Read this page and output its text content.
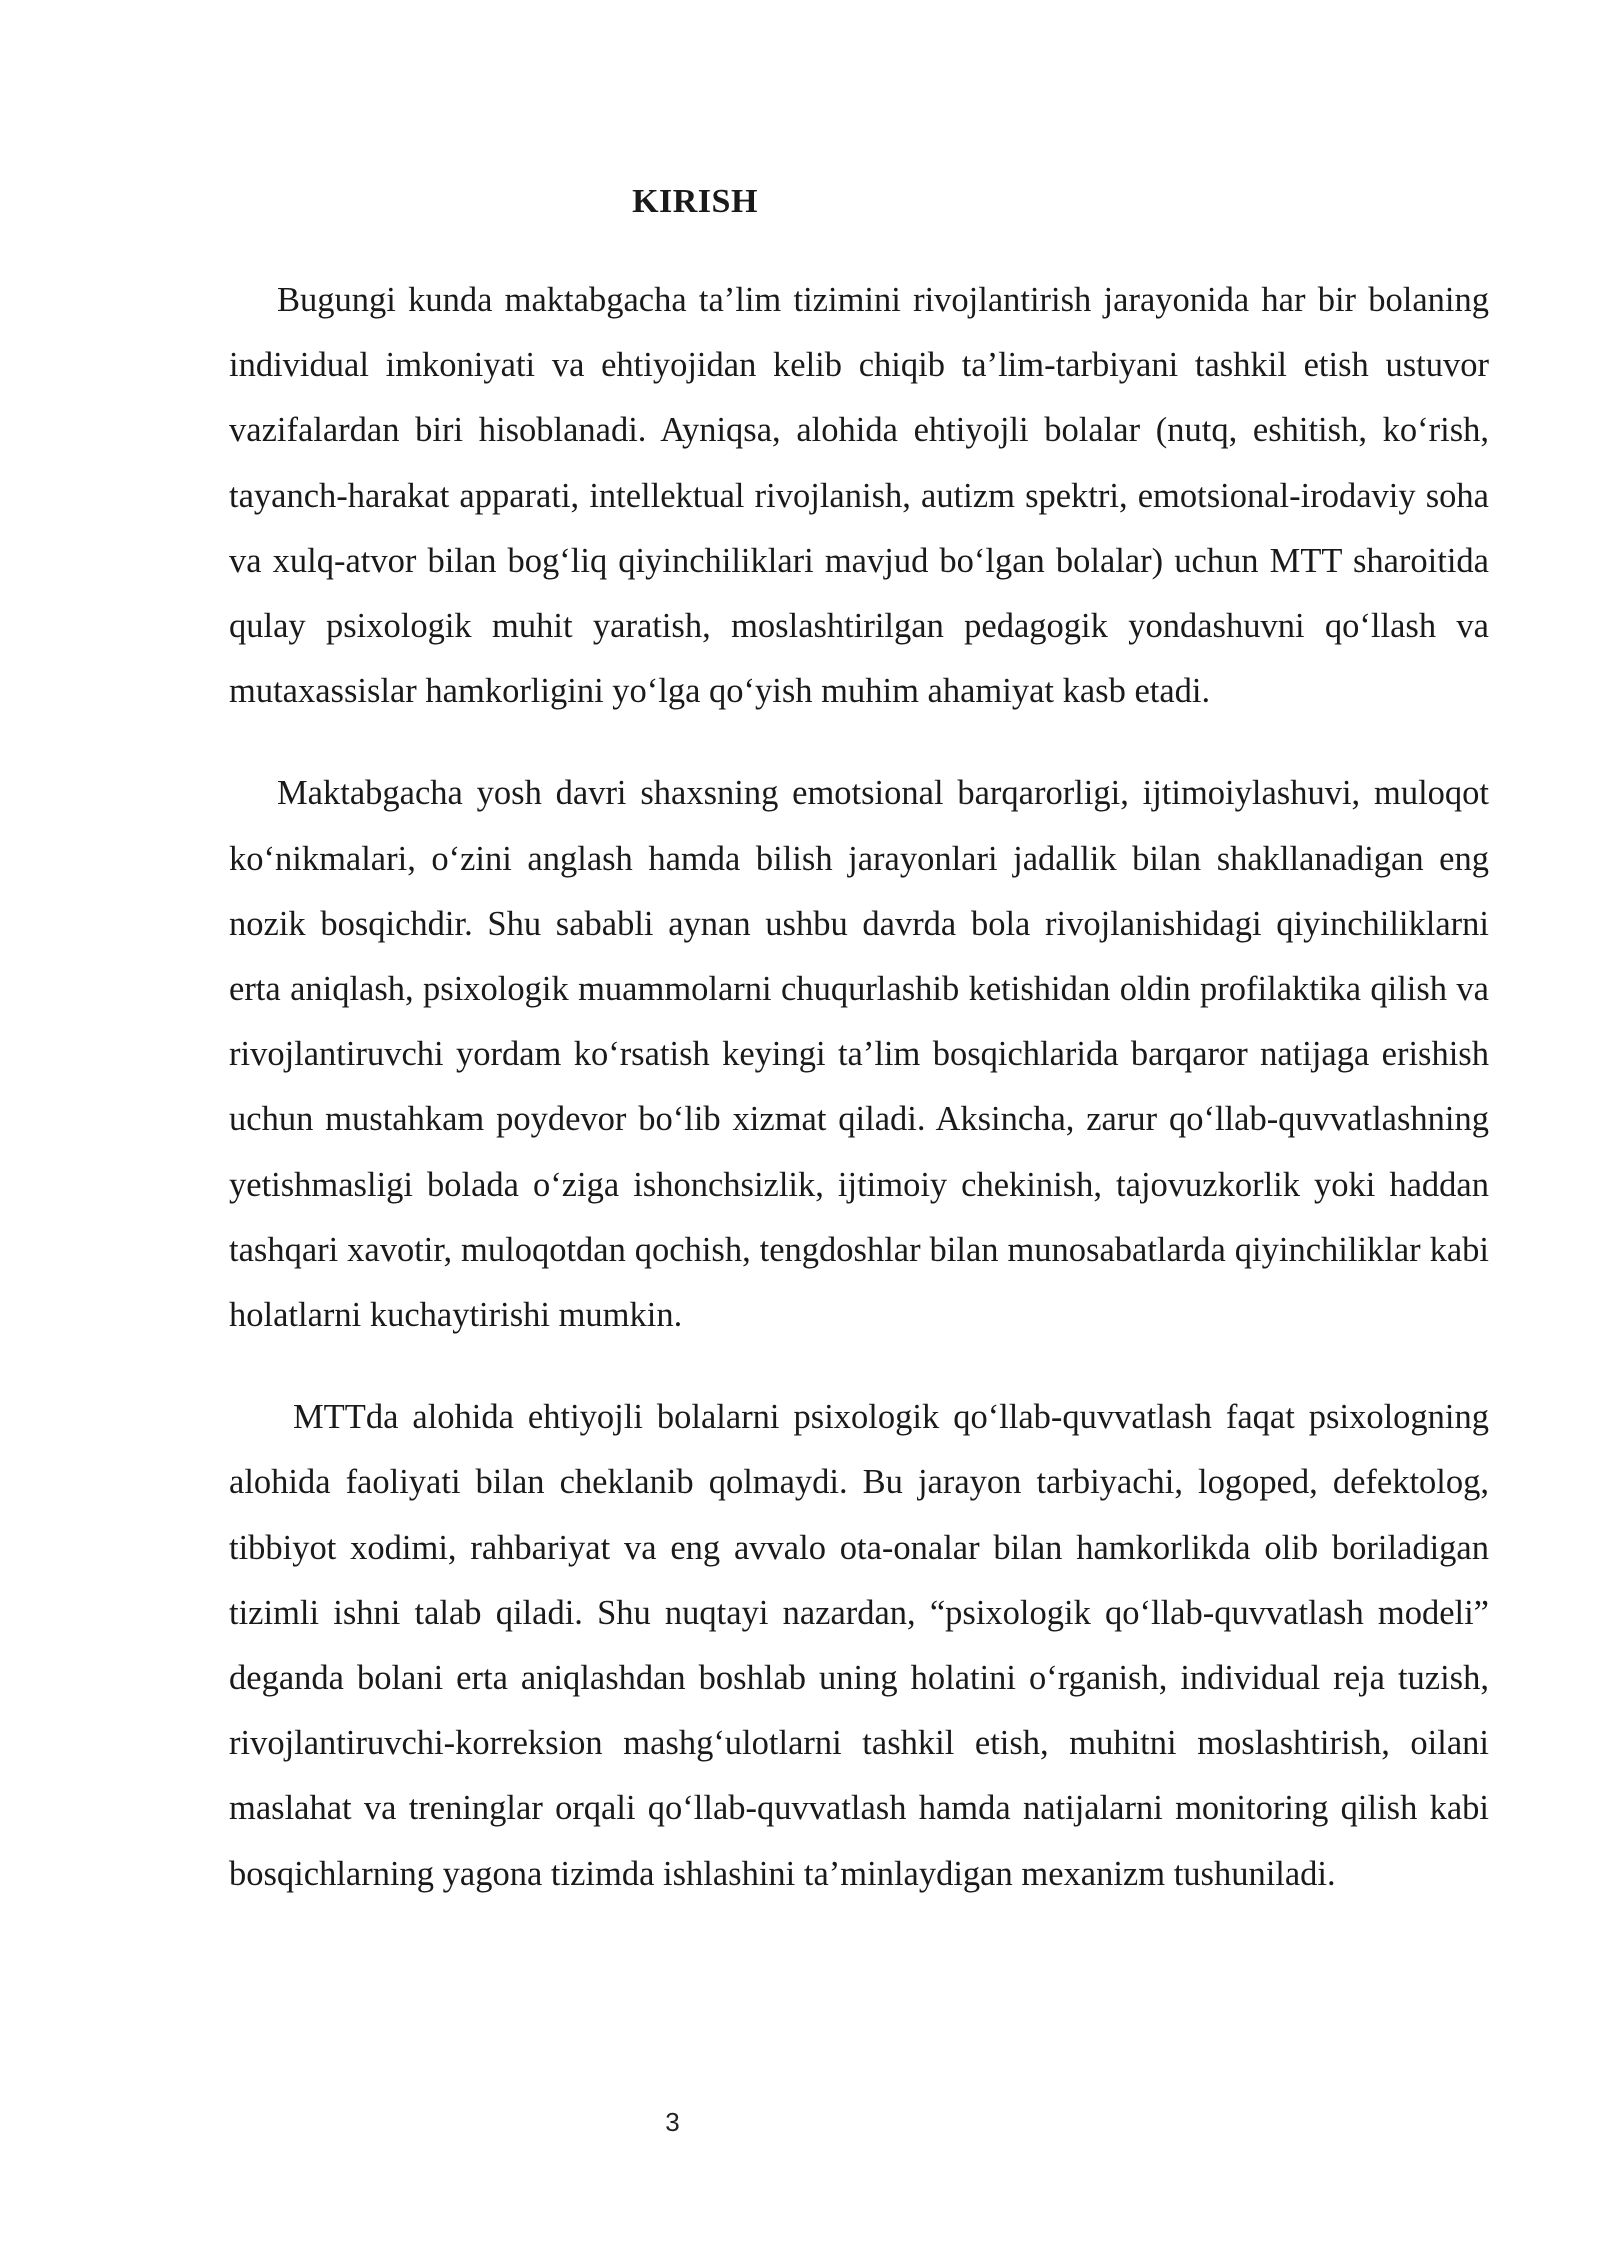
KIRISH

Bugungi kunda maktabgacha ta’lim tizimini rivojlantirish jarayonida har bir bolaning individual imkoniyati va ehtiyojidan kelib chiqib ta’lim-tarbiyani tashkil etish ustuvor vazifalardan biri hisoblanadi. Ayniqsa, alohida ehtiyojli bolalar (nutq, eshitish, ko‘rish, tayanch-harakat apparati, intellektual rivojlanish, autizm spektri, emotsional-irodaviy soha va xulq-atvor bilan bog‘liq qiyinchiliklari mavjud bo‘lgan bolalar) uchun MTT sharoitida qulay psixologik muhit yaratish, moslashtirilgan pedagogik yondashuvni qo‘llash va mutaxassislar hamkorligini yo‘lga qo‘yish muhim ahamiyat kasb etadi.

Maktabgacha yosh davri shaxsning emotsional barqarorligi, ijtimoiylashuvi, muloqot ko‘nikmalari, o‘zini anglash hamda bilish jarayonlari jadallik bilan shakllanadigan eng nozik bosqichdir. Shu sababli aynan ushbu davrda bola rivojlanishidagi qiyinchiliklarni erta aniqlash, psixologik muammolarni chuqurlashib ketishidan oldin profilaktika qilish va rivojlantiruvchi yordam ko‘rsatish keyingi ta’lim bosqichlarida barqaror natijaga erishish uchun mustahkam poydevor bo‘lib xizmat qiladi. Aksincha, zarur qo‘llab-quvvatlashning yetishmasligi bolada o‘ziga ishonchsizlik, ijtimoiy chekinish, tajovuzkorlik yoki haddan tashqari xavotir, muloqotdan qochish, tengdoshlar bilan munosabatlarda qiyinchiliklar kabi holatlarni kuchaytirishi mumkin.

MTTda alohida ehtiyojli bolalarni psixologik qo‘llab-quvvatlash faqat psixologning alohida faoliyati bilan cheklanib qolmaydi. Bu jarayon tarbiyachi, logoped, defektolog, tibbiyot xodimi, rahbariyat va eng avvalo ota-onalar bilan hamkorlikda olib boriladigan tizimli ishni talab qiladi. Shu nuqtayi nazardan, “psixologik qo‘llab-quvvatlash modeli” deganda bolani erta aniqlashdan boshlab uning holatini o‘rganish, individual reja tuzish, rivojlantiruvchi-korreksion mashg‘ulotlarni tashkil etish, muhitni moslashtirish, oilani maslahat va treninglar orqali qo‘llab-quvvatlash hamda natijalarni monitoring qilish kabi bosqichlarning yagona tizimda ishlashini ta’minlaydigan mexanizm tushuniladi.

3
